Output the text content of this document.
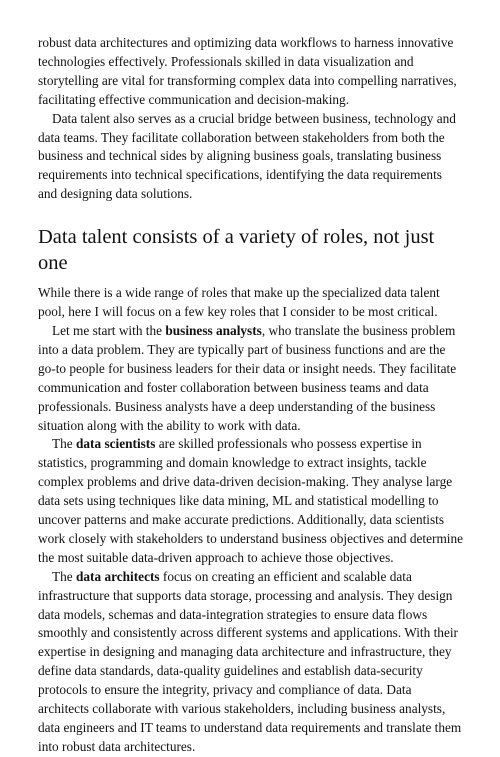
robust data architectures and optimizing data workflows to harness innovative technologies effectively. Professionals skilled in data visualization and storytelling are vital for transforming complex data into compelling narratives, facilitating effective communication and decision-making.

Data talent also serves as a crucial bridge between business, technology and data teams. They facilitate collaboration between stakeholders from both the business and technical sides by aligning business goals, translating business requirements into technical specifications, identifying the data requirements and designing data solutions.

Data talent consists of a variety of roles, not just one

While there is a wide range of roles that make up the specialized data talent pool, here I will focus on a few key roles that I consider to be most critical.

Let me start with the business analysts, who translate the business problem into a data problem. They are typically part of business functions and are the go-to people for business leaders for their data or insight needs. They facilitate communication and foster collaboration between business teams and data professionals. Business analysts have a deep understanding of the business situation along with the ability to work with data.

The data scientists are skilled professionals who possess expertise in statistics, programming and domain knowledge to extract insights, tackle complex problems and drive data-driven decision-making. They analyse large data sets using techniques like data mining, ML and statistical modelling to uncover patterns and make accurate predictions. Additionally, data scientists work closely with stakeholders to understand business objectives and determine the most suitable data-driven approach to achieve those objectives.

The data architects focus on creating an efficient and scalable data infrastructure that supports data storage, processing and analysis. They design data models, schemas and data-integration strategies to ensure data flows smoothly and consistently across different systems and applications. With their expertise in designing and managing data architecture and infrastructure, they define data standards, data-quality guidelines and establish data-security protocols to ensure the integrity, privacy and compliance of data. Data architects collaborate with various stakeholders, including business analysts, data engineers and IT teams to understand data requirements and translate them into robust data architectures.
